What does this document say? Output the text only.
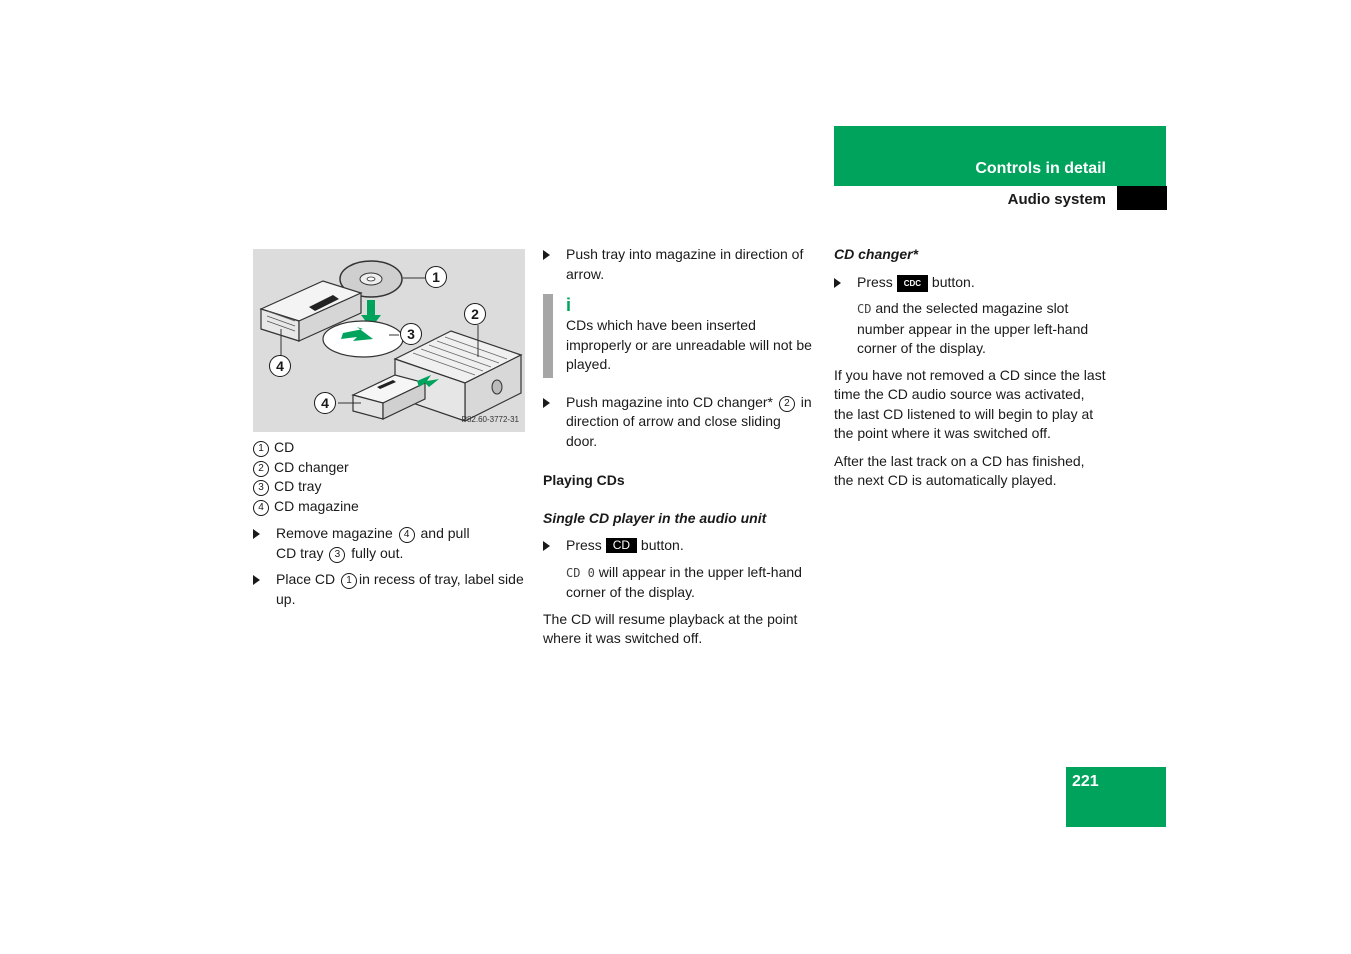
Controls in detail
Audio system
1
2
3
4
4
P82.60-3772-31
1 CD
2 CD changer
3 CD tray
4 CD magazine
Remove magazine 4 and pull
CD tray 3 fully out.
Place CD 1 in recess of tray, label side up.
Push tray into magazine in direction of arrow.
i
CDs which have been inserted improperly or are unreadable will not be played.
Push magazine into CD changer* 2 in direction of arrow and close sliding door.
Playing CDs
Single CD player in the audio unit
Press CD button.
CD 0 will appear in the upper left-hand corner of the display.

The CD will resume playback at the point where it was switched off.

CD changer*
Press CDC button.
CD and the selected magazine slot number appear in the upper left-hand corner of the display.

If you have not removed a CD since the last time the CD audio source was activated, the last CD listened to will begin to play at the point where it was switched off.

After the last track on a CD has finished, the next CD is automatically played.

221
